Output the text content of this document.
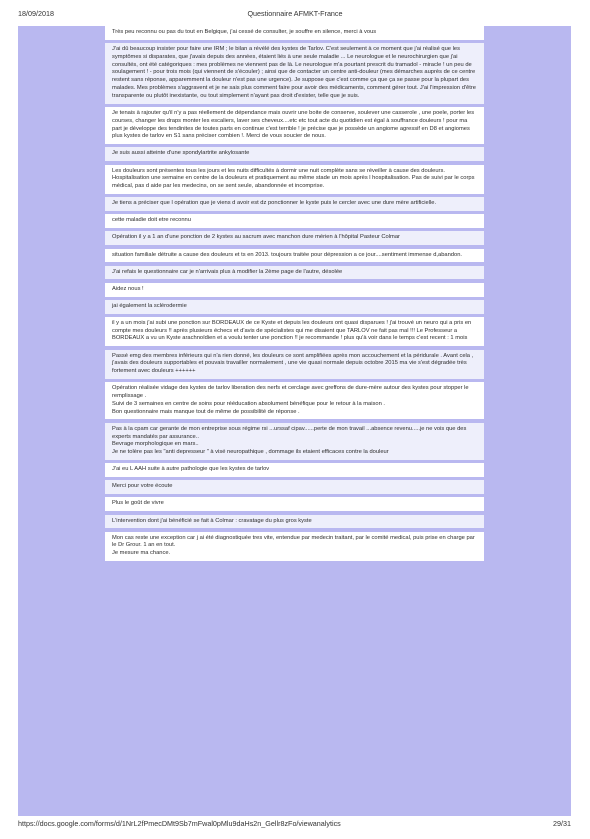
18/09/2018	Questionnaire AFMKT-France
Très peu reconnu ou pas du tout en Belgique, j'ai cessé de consulter, je souffre en silence, merci à vous
J'ai dû beaucoup insister pour faire une IRM ; le bilan a révélé des kystes de Tarlov. C'est seulement à ce moment que j'ai réalisé que les symptômes si disparates, que j'avais depuis des années, étaient liés à une seule maladie ... Le neurologue et le neurochirurgien que j'ai consultés, ont été catégoriques : mes problèmes ne viennent pas de là. Le neurologue m'a pourtant prescrit du tramadol - miracle ! un peu de soulagement ! - pour trois mois (qui viennent de s'écouler) ; ainsi que de contacter un centre anti-douleur (mes démarches auprès de ce centre restent sans réponse, apparemment la douleur n'est pas une urgence). Je suppose que c'est comme ça que ça se passe pour la plupart des malades. Mes problèmes s'aggravent et je ne sais plus comment faire pour avoir des médicaments, comment gérer tout. J'ai l'impression d'être transparente ou plutôt inexistante, ou tout simplement n'ayant pas droit d'exister, telle que je suis.
Je tenais à rajouter qu'il n'y a pas réellement de dépendance mais ouvrir une boite de conserve, soulever une casserole , une poele, porter les courses, changer les draps monter les escaliers, laver ses cheveux....etc etc tout acte du quotidien est égal à souffrance douleurs ! pour ma part je développe des tendinites de toutes parts en continue c'est terrible ! je précise que je possède un angiome agressif en D8 et angiomes plus kystes de tarlov en S1 sans préciser combien !. Merci de vous soucier de nous.
Je suis aussi atteinte d'une spondylartrite ankylosante
Les douleurs sont présentes tous les jours et les nuits difficultés à dormir une nuit complète sans se réveiller à cause des douleurs. Hospitalisation une semaine en centre de la douleurs et pratiquement au même stade un mois après l hospitalisation. Pas de suivi par le corps médical, pas d aide par les medecins, on se sent seule, abandonnée et incomprise.
Je tiens a préciser que l opération que je viens d avoir est dz ponctionner le kyste puis le cercler avec une dure mère artificielle.
cette maladie doit etre reconnu
Opération il y a 1 an d'une ponction de 2 kystes au sacrum avec manchon dure mérien à l'hôpital Pasteur Colmar
situation familiale détruite a cause des douleurs et ts en 2013. toujours traitée pour dépression a ce jour....sentiment immense d,abandon.
J'ai refais le questionnaire car je n'arrivais plus à modifier la 2ème page de l'autre, désolée
Aidez nous !
jai également la sclérodermie
il y a un mois j'ai subi une ponction sur BORDEAUX de ce Kyste et depuis les douleurs ont quasi disparues ! j'ai trouvé un neuro qui a pris en compte mes douleurs !! après plusieurs échecs et d'avis de spécialistes qui me disaient que TARLOV ne fait pas mal !!! Le Professeur a BORDEAUX a vu un Kyste arachnoïdien et a voulu tenter une ponction !! je recommande ! plus qu'à voir dans le temps c'est recent : 1 mois
Passé emg des membres inférieurs qui n'a rien donné, les douleurs ce sont amplifiées après mon accouchement et la péridurale . Avant cela , j'avais des douleurs supportables et pouvais travailler normalement , une vie quasi normale depuis octobre 2015 ma vie s'est dégradée très fortement avec douleurs ++++++
Opération réalisée vidage des kystes de tarlov liberation des nerfs et cerclage avec greffons de dure-mère autour des kystes pour stopper le remplissage .
Suivi de 3 semaines en centre de soins pour rééducation absolument bénéfique pour le retour à la maison .
Bon questionnaire mais manque tout de même de possibilité de réponse .
Pas à la cpam car gerante de mon entreprise sous régime rsi ...urssaf cipav......perte de mon travail ...absence revenu.....je ne vois que des experts mandatés par assurance..
Bevrage morphologique en mars..
Je ne tolère pas les "anti depresseur " à visé neuropathique , dommage ils etaient efficaces contre la douleur
J'ai eu L AAH suite à autre pathologie que les kystes de tarlov
Merci pour votre écoute
Plus le goût de vivre
L'intervention dont j'ai bénéficié se fait à Colmar : cravatage du plus gros kyste
Mon cas reste une exception car j ai été diagnostiquée tres vite, entendue par medecin traitant, par le comité medical, puis prise en charge par le Dr Grour. 1 an en tout.
Je mesure ma chance.
https://docs.google.com/forms/d/1NrL2fPmecDMt9Sb7mFwal0pMlu9daHs2n_Gellr8zFo/viewanalytics	29/31
